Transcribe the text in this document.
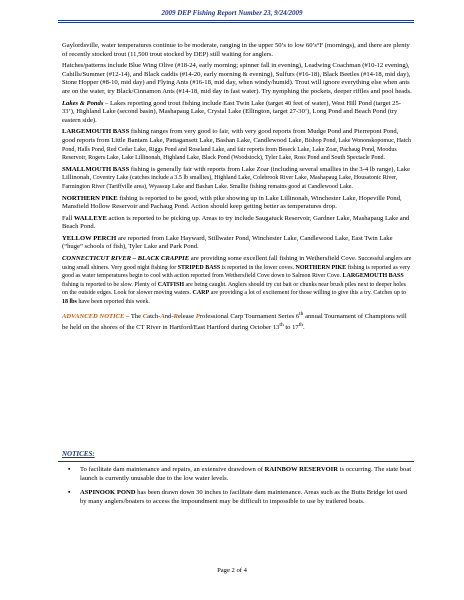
2009 DEP Fishing Report Number 23, 9/24/2009

Gaylordsville, water temperatures continue to be moderate, ranging in the upper 50’s to low 60’s°F (mornings), and there are plenty of recently stocked trout (11,500 trout stocked by DEP) still waiting for anglers.

Hatches/patterns include Blue Wing Olive (#18-24, early morning; spinner fall in evening), Leadwing Coachman (#10-12 evening), Cahills/Summer (#12-14), and Black caddis (#14-20, early morning & evening), Sulfurs (#16-18), Black Beetles (#14-18, mid day), Stone Hopper (#8-10, mid day) and Flying Ants (#16-18, mid day, when windy/humid). Trout will ignore everything else when ants are on the water, try Black/Cinnamon Ants (#14-18, mid day in fast water). Try nymphing the pockets, deeper riffles and pool heads.

Lakes & Ponds – Lakes reporting good trout fishing include East Twin Lake (target 40 feet of water), West Hill Pond (target 25-33’), Highland Lake (second basin), Mashapaug Lake, Crystal Lake (Ellington, target 27-30’), Long Pond and Beach Pond (try eastern side).

LARGEMOUTH BASS fishing ranges from very good to fair, with very good reports from Mudge Pond and Pierrepont Pond, good reports from Little Bantam Lake, Pattagansett Lake, Bashan Lake, Candlewood Lake, Bishop Pond, Lake Wononskopomuc, Hatch Pond, Halls Pond, Red Cedar Lake, Riggs Pond and Roseland Lake, and fair reports from Beseck Lake, Lake Zoar, Pachaug Pond, Moodus Reservoir, Rogers Lake, Lake Lillinonah, Highland Lake, Black Pond (Woodstock), Tyler Lake, Ross Pond and South Spectacle Pond.

SMALLMOUTH BASS fishing is generally fair with reports from Lake Zoar (including several smallies in the 3-4 lb range), Lake Lillinonah, Coventry Lake (catches include a 3.5 lb smallies), Highland Lake, Colebrook River Lake, Mashapaug Lake, Housatonic River, Farmington River (Tariffville area), Wyassup Lake and Bashan Lake. Smallie fishing remains good at Candlewood Lake.

NORTHERN PIKE fishing is reported to be good, with pike showing up in Lake Lillinonah, Winchester Lake, Hopeville Pond, Mansfield Hollow Reservoir and Pachaug Pond. Action should keep getting better as temperatures drop.

Fall WALLEYE action is reported to be picking up. Areas to try include Saugatuck Reservoir, Gardner Lake, Mashapaug Lake and Beach Pond.

YELLOW PERCH are reported from Lake Hayward, Stillwater Pond, Winchester Lake, Candlewood Lake, East Twin Lake (“huge” schools of fish), Tyler Lake and Park Pond.

CONNECTICUT RIVER – BLACK CRAPPIE are providing some excellent fall fishing in Wethersfield Cove. Successful anglers are using small shiners. Very good night fishing for STRIPED BASS is reported in the lower coves. NORTHERN PIKE fishing is reported as very good as water temperatures begin to cool with action reported from Wethersfield Cove down to Salmon River Cove. LARGEMOUTH BASS fishing is reported to be slow. Plenty of CATFISH are being caught. Anglers should try cut bait or chunks near brush piles next to deeper holes on the outside edges. Look for slower moving waters. CARP are providing a lot of excitement for those willing to give this a try. Catches up to 18 lbs have been reported this week.

ADVANCED NOTICE – The Catch-And-Release Professional Carp Tournament Series 6th annual Tournament of Champions will be held on the shores of the CT River in Hartford/East Hartford during October 13th to 17th.

NOTICES:
▪ To facilitate dam maintenance and repairs, an extensive drawdown of RAINBOW RESERVOIR is occurring. The state boat launch is currently unusable due to the low water levels.
▪ ASPINOOK POND has been drawn down 30 inches to facilitate dam maintenance. Areas such as the Butts Bridge lot used by many anglers/boaters to access the impoundment may be difficult to impossible to use by trailered boats.
Page 2 of 4
